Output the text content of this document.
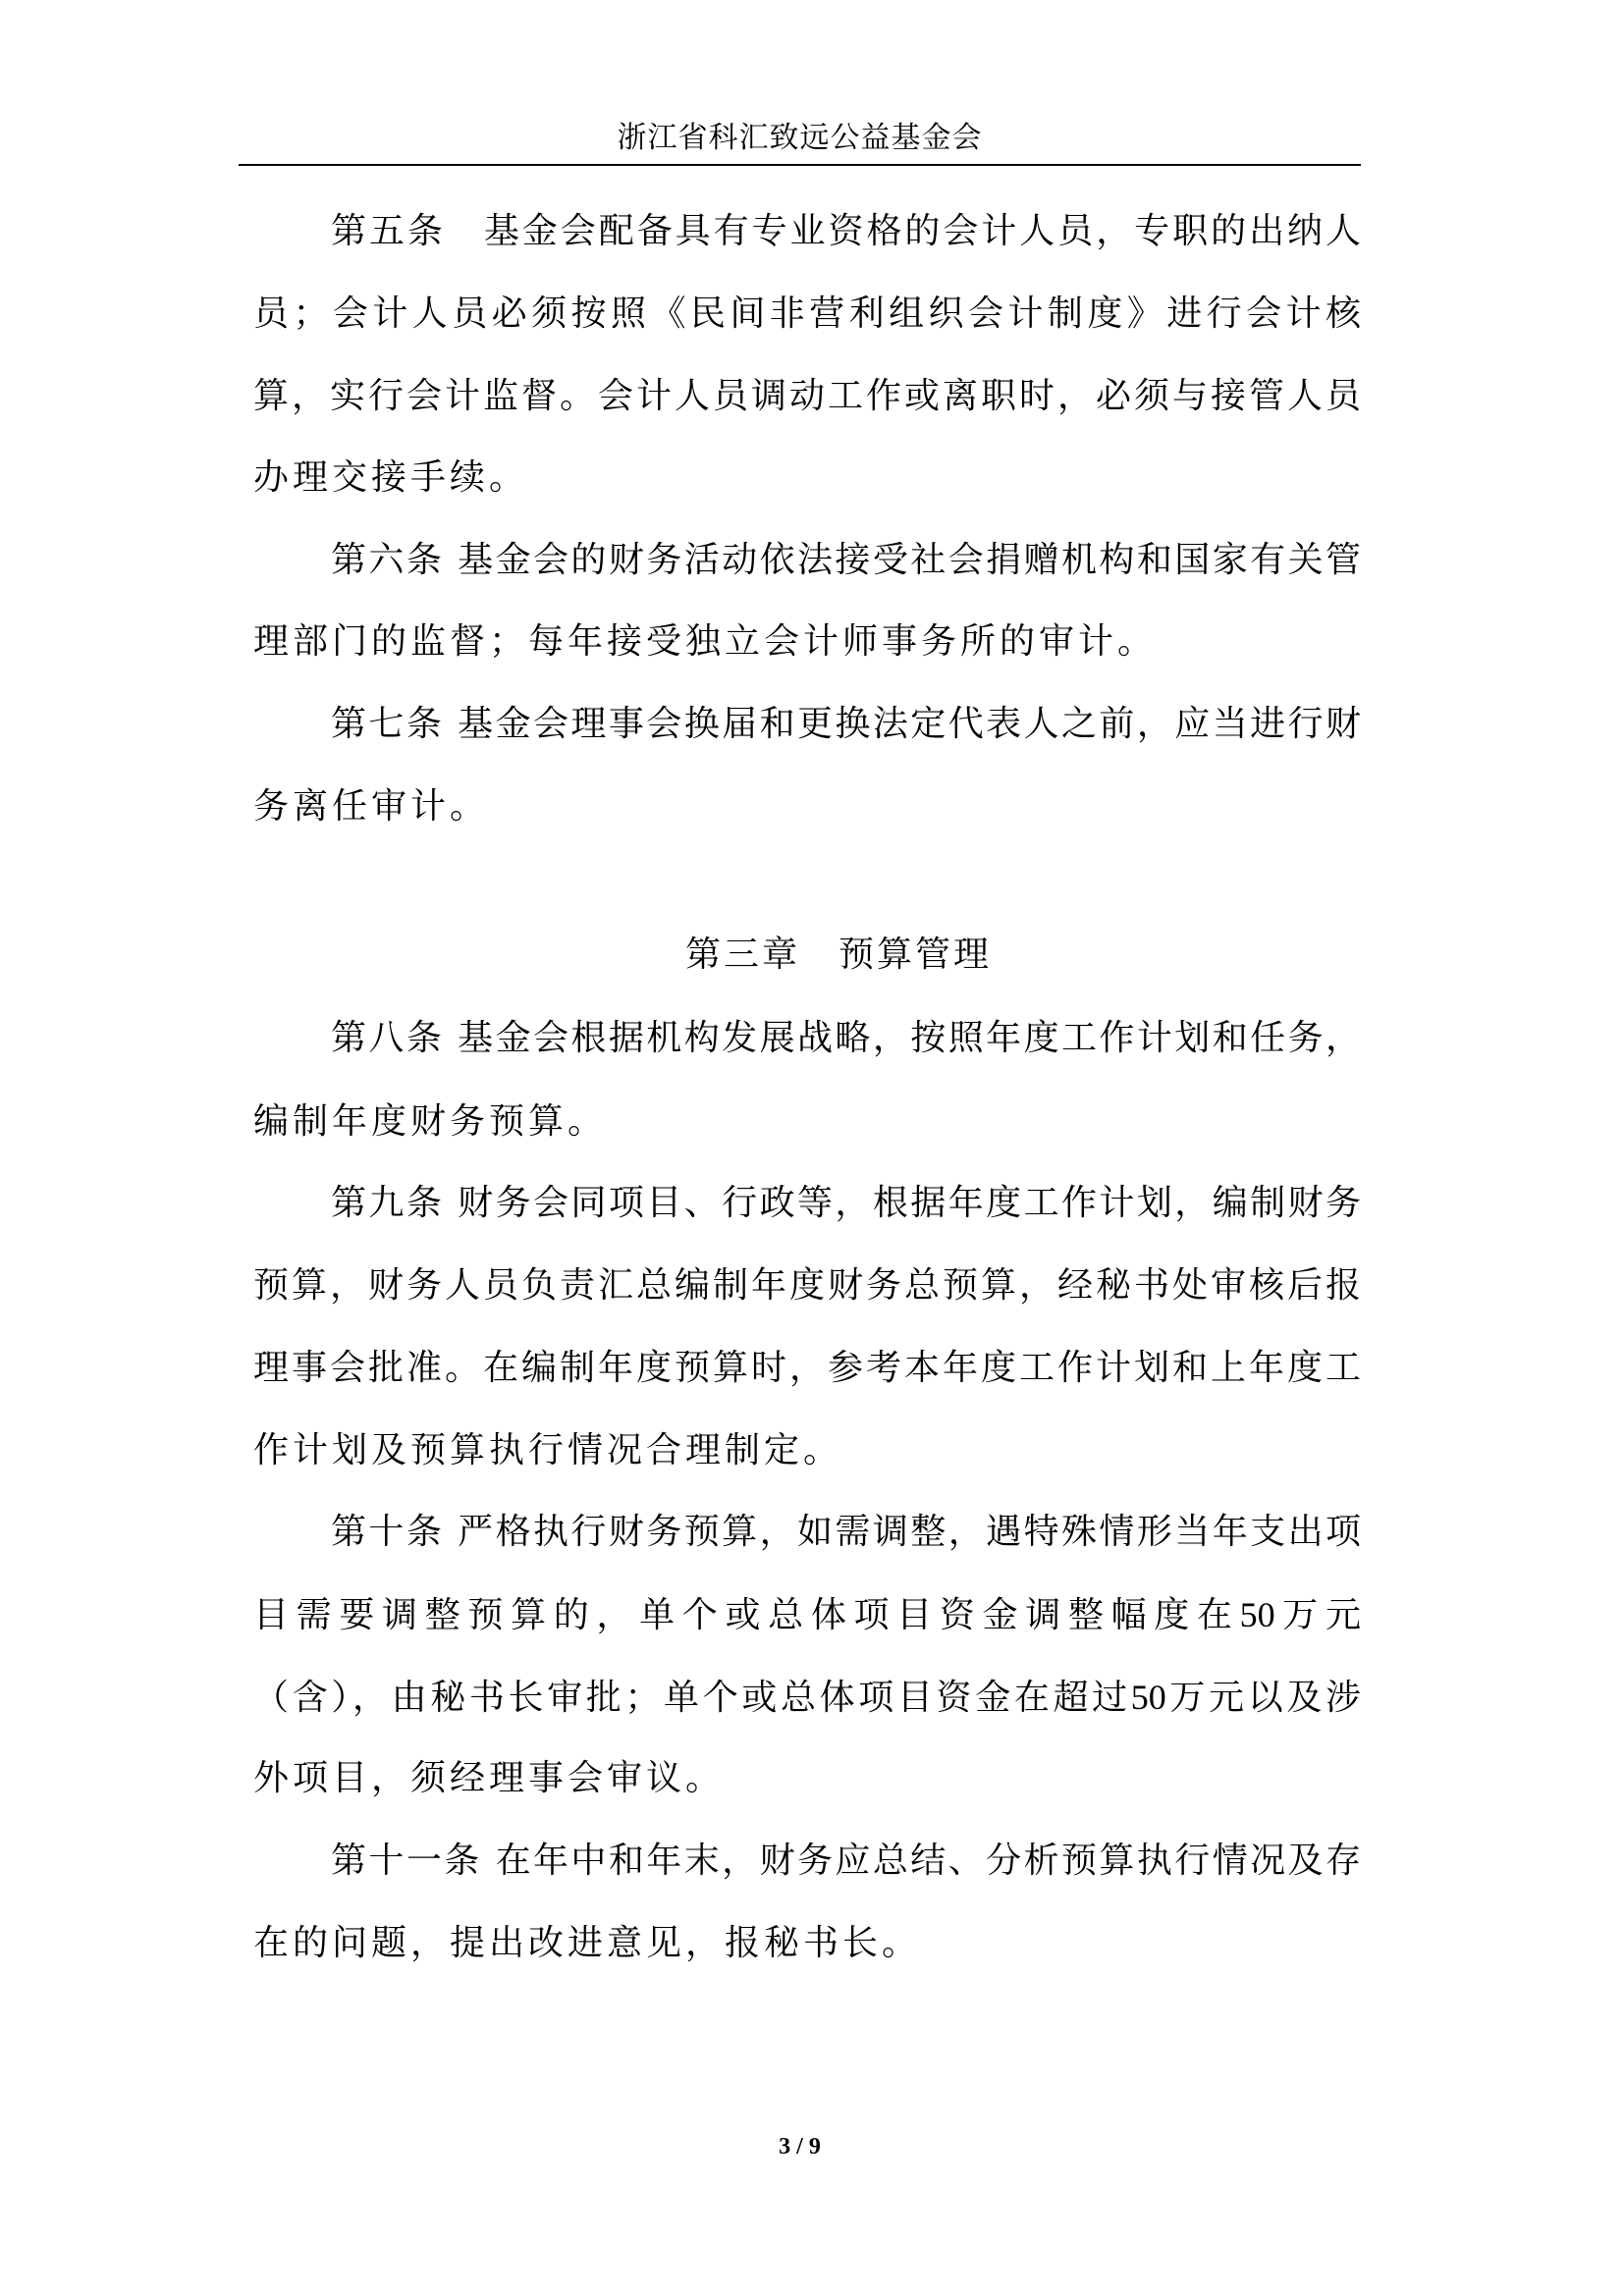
浙江省科汇致远公益基金会
第五条　基金会配备具有专业资格的会计人员，专职的出纳人
员；会计人员必须按照《民间非营利组织会计制度》进行会计核
算，实行会计监督。会计人员调动工作或离职时，必须与接管人员
办理交接手续。
第六条 基金会的财务活动依法接受社会捐赠机构和国家有关管
理部门的监督；每年接受独立会计师事务所的审计。
第七条 基金会理事会换届和更换法定代表人之前，应当进行财
务离任审计。
第三章　预算管理
第八条 基金会根据机构发展战略，按照年度工作计划和任务，
编制年度财务预算。
第九条 财务会同项目、行政等，根据年度工作计划，编制财务
预算，财务人员负责汇总编制年度财务总预算，经秘书处审核后报
理事会批准。在编制年度预算时，参考本年度工作计划和上年度工
作计划及预算执行情况合理制定。
第十条 严格执行财务预算，如需调整，遇特殊情形当年支出项
目需要调整预算的，单个或总体项目资金调整幅度在50万元
（含），由秘书长审批；单个或总体项目资金在超过50万元以及涉
外项目，须经理事会审议。
第十一条 在年中和年末，财务应总结、分析预算执行情况及存
在的问题，提出改进意见，报秘书长。
3 / 9
